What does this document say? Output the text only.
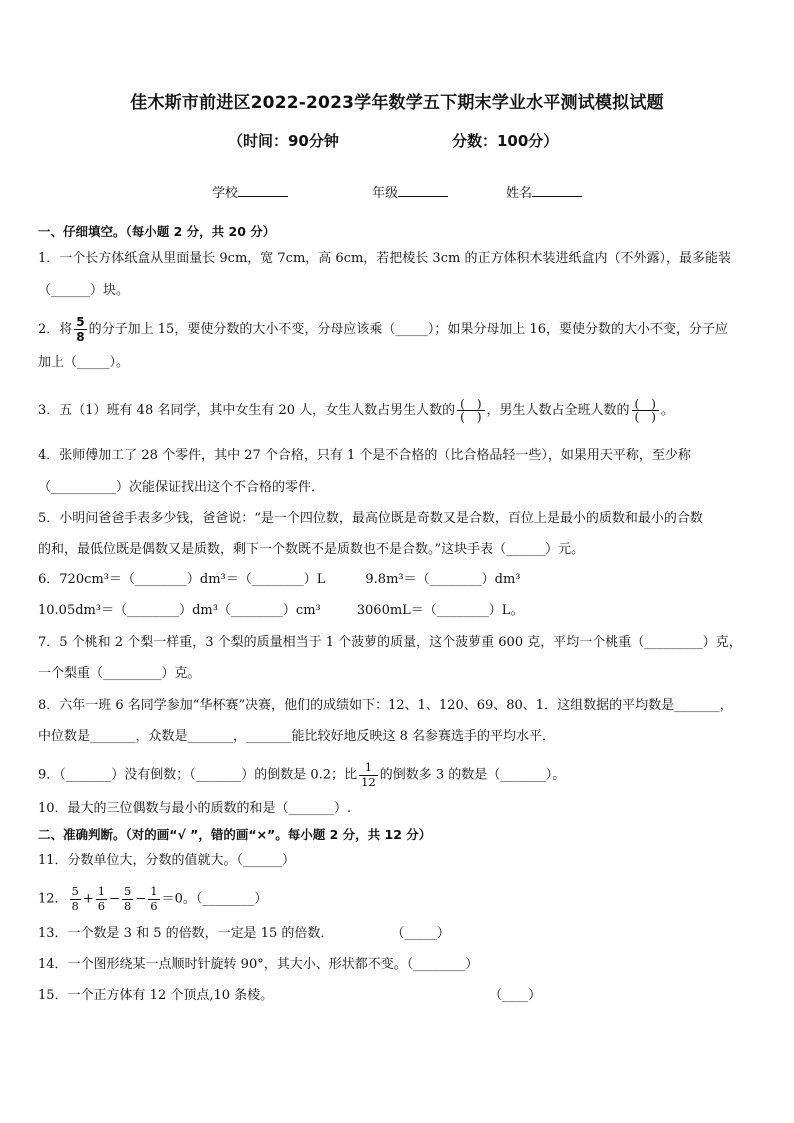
佳木斯市前进区2022-2023学年数学五下期末学业水平测试模拟试题
（时间：90分钟	分数：100分）
学校	年级	姓名
一、仔细填空。（每小题 2 分，共 20 分）
1．一个长方体纸盒从里面量长 9cm，宽 7cm，高 6cm，若把棱长 3cm 的正方体积木装进纸盒内（不外露），最多能装
（______）块。
2．将 $\frac{5}{8}$ 的分子加上 15，要使分数的大小不变，分母应该乘（_____）；如果分母加上 16，要使分数的大小不变，分子应
加上（_____）。
3．五（1）班有 48 名同学，其中女生有 20 人，女生人数占男生人数的 $\frac{( )}{( )}$ ，男生人数占全班人数的 $\frac{( )}{( )}$ 。
4．张师傅加工了 28 个零件，其中 27 个合格，只有 1 个是不合格的（比合格品轻一些），如果用天平称，至少称
（__________）次能保证找出这个不合格的零件．
5．小明问爸爸手表多少钱，爸爸说：“是一个四位数，最高位既是奇数又是合数，百位上是最小的质数和最小的合数
的和，最低位既是偶数又是质数，剩下一个数既不是质数也不是合数。”这块手表（______）元。
6．720cm³＝（________）dm³＝（________）L	9.8m³＝（________）dm³
10.05dm³＝（________）dm³（________）cm³	3060mL＝（________）L。
7．5 个桃和 2 个梨一样重，3 个梨的质量相当于 1 个菠萝的质量，这个菠萝重 600 克，平均一个桃重（_________）克，
一个梨重（_________）克。
8．六年一班 6 名同学参加“华杯赛”决赛，他们的成绩如下：12、1、120、69、80、1．这组数据的平均数是_______，
中位数是_______，众数是_______，_______能比较好地反映这 8 名参赛选手的平均水平．
9．（_______）没有倒数；（_______）的倒数是 0.2；比 $\frac{1}{12}$ 的倒数多 3 的数是（_______）。
10．最大的三位偶数与最小的质数的和是（_______）.
二、准确判断。（对的画“√ ”，错的画“×”。每小题 2 分，共 12 分）
11．分数单位大，分数的值就大。（______）
12． $\frac{5}{8} + \frac{1}{6} - \frac{5}{8} - \frac{1}{6} =0$。（________）
13．一个数是 3 和 5 的倍数，一定是 15 的倍数．	（_____）
14．一个图形绕某一点顺时针旋转 90°，其大小、形状都不变。（________）
15．一个正方体有 12 个顶点,10 条棱。	（____）
